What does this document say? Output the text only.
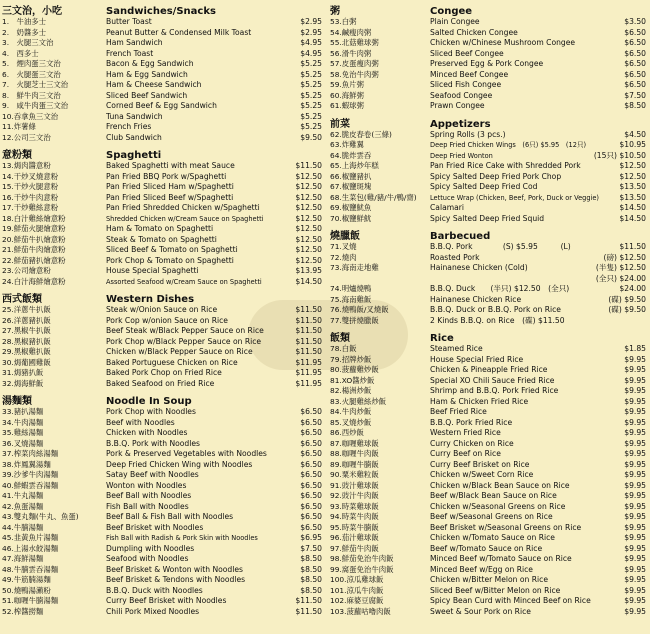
三文治，小吃	Sandwiches/Snacks
1.　牛油多士	Butter Toast	$2.95
2.　奶醬多士	Peanut Butter & Condensed Milk Toast	$2.95
3.　火腿三文治	Ham Sandwich	$4.95
4.　西多士	French Toast	$4.95
5.　煙肉蛋三文治	Bacon & Egg Sandwich	$5.25
6.　火腿蛋三文治	Ham & Egg Sandwich	$5.25
7.　火腿芝士三文治	Ham & Cheese Sandwich	$5.25
8.　鮮牛肉三文治	Sliced Beef Sandwich	$5.25
9.　咸牛肉蛋三文治	Corned Beef & Egg Sandwich	$5.25
10.吞拿魚三文治	Tuna Sandwich	$5.25
11.炸薯條	French Fries	$5.25
12.公司三文治	Club Sandwich	$9.50
意粉類	Spaghetti
13.焗肉醬意粉	Baked Spaghetti with meat Sauce	$11.50
14.干炒叉燒意粉	Pan Fried BBQ Pork w/Spaghetti	$12.50
15.干炒火腿意粉	Pan Fried Sliced Ham w/Spaghetti	$12.50
16.干炒牛肉意粉	Pan Fried Sliced Beef w/Spaghetti	$12.50
17.干炒雞絲意粉	Pan Fried Shredded Chicken w/Spaghetti	$12.50
18.白汁雞絲燴意粉	Shredded Chicken w/Cream Sauce on Spaghetti	$12.50
19.鮮茄火腿燴意粉	Ham & Tomato on Spaghetti	$12.50
20.鮮茄牛扒燴意粉	Steak & Tomato on Spaghetti	$12.50
21.鮮茄牛肉燴意粉	Sliced Beef & Tomato on Spaghetti	$12.50
22.鮮茄豬扒燴意粉	Pork Chop & Tomato on Spaghetti	$12.50
23.公司燴意粉	House Special Spaghetti	$13.95
24.白汁海鮮燴意粉	Assorted Seafood w/Cream Sauce on Spaghetti	$14.50
西式飯類	Western Dishes
25.洋蔥牛扒飯	Steak w/Onion Sauce on Rice	$11.50
26.洋蔥豬扒飯	Pork Cop w/onion Sauce on Rice	$11.50
27.黑椒牛扒飯	Beef Steak w/Black Pepper Sauce on Rice	$11.50
28.黑椒豬扒飯	Pork Chop w/Black Pepper Sauce on Rice	$11.50
29.黑椒雞扒飯	Chicken w/Black Pepper Sauce on Rice	$11.50
30.焗葡國雞飯	Baked Portuguese Chicken on Rice	$11.95
31.焗豬扒飯	Baked Pork Chop on Fried Rice	$11.95
32.焗海鮮飯	Baked Seafood on Fried Rice	$11.95
湯麵類	Noodle In Soup
33.豬扒湯麵	Pork Chop with Noodles	$6.50
34.牛肉湯麵	Beef with Noodles	$6.50
35.雞絲湯麵	Chicken with Noodles	$6.50
36.叉燒湯麵	B.B.Q. Pork with Noodles	$6.50
37.榨菜肉絲湯麵	Pork & Preserved Vegetables with Noodles	$6.50
38.炸鳳翼湯麵	Deep Fried Chicken Wing with Noodles	$6.50
39.沙爹牛肉湯麵	Satay Beef with Noodles	$6.50
40.鮮蝦雲吞湯麵	Wonton with Noodles	$6.50
41.牛丸湯麵	Beef Ball with Noodles	$6.50
42.魚蛋湯麵	Fish Ball with Noodles	$6.50
43.雙丸麵(牛丸、魚蛋)	Beef Ball & Fish Ball with Noodles	$6.50
44.牛腩湯麵	Beef Brisket with Noodles	$6.50
45.韭黃魚片湯麵	Fish Ball with Radish & Pork Skin with Noodles	$6.95
46.上湯水餃湯麵	Dumpling with Noodles	$7.50
47.海鮮湯麵	Seafood with Noodles	$8.50
48.牛腩雲吞湯麵	Beef Brisket & Wonton with Noodles	$8.50
49.牛筋腩湯麵	Beef Brisket & Tendons with Noodles	$8.50
50.燒鴨湯瀨粉	B.B.Q. Duck with Noodles	$8.50
51.咖喱牛腩湯麵	Curry Beef Brisket with Noodles	$11.50
52.榨醬撈麵	Chili Pork Mixed Noodles	$11.50
粥	Congee
53.白粥	Plain Congee	$3.50
54.鹹瘦肉粥	Salted Chicken Congee	$6.50
55.北菇雞球粥	Chicken w/Chinese Mushroom Congee	$6.50
56.滑牛肉粥	Sliced Beef Congee	$6.50
57.皮蛋瘦肉粥	Preserved Egg & Pork Congee	$6.50
58.免治牛肉粥	Minced Beef Congee	$6.50
59.魚片粥	Sliced Fish Congee	$6.50
60.海鮮粥	Seafood Congee	$7.50
61.蝦球粥	Prawn Congee	$8.50
前菜	Appetizers
62.脆皮春卷(三條)	Spring Rolls (3 pcs.)	$4.50
63.炸雞翼	Deep Fried Chicken Wings　(6只) $5.95　(12只)	$10.95
64.脆炸雲吞	Deep Fried Wonton	(15只) $10.50
65.上海炒年糕	Pan Fried Rice Cake with Shredded Pork	$12.50
66.椒鹽豬扒	Spicy Salted Deep Fried Pork Chop	$12.50
67.椒鹽斑塊	Spicy Salted Deep Fried Cod	$13.50
68.生菜包(雞/豬/牛/鴨/齋)	Lettuce Wrap (Chicken, Beef, Pork, Duck or Veggie)	$13.50
69.椒鹽魷魚	Calamari	$14.50
70.椒鹽鮮魷	Spicy Salted Deep Fried Squid	$14.50
燒臘飯	Barbecued
71.叉燒	B.B.Q. Pork　　　　(S) $5.95　　　(L)	$11.50
72.燒肉	Roasted Pork	(磅) $12.50
73.海南走地雞	Hainanese Chicken (Cold)	(半隻) $12.50
(全只) $24.00
74.明爐燒鴨	B.B.Q. Duck　　(半只) $12.50　(全只)	$24.00
75.海南雞飯	Hainanese Chicken Rice	(碟) $9.50
76.燒鴨飯/叉燒飯	B.B.Q. Duck or B.B.Q. Pork on Rice	(碟) $9.50
77.雙拼燒臘飯	2 Kinds B.B.Q. on Rice　(碟) $11.50
飯類	Rice
78.白飯	Steamed Rice	$1.85
79.招牌炒飯	House Special Fried Rice	$9.95
80.菠蘿雞炒飯	Chicken & Pineapple Fried Rice	$9.95
81.XO醬炒飯	Special XO Chili Sauce Fried Rice	$9.95
82.楊洲炒飯	Shrimp and B.B.Q. Pork Fried Rice	$9.95
83.火腿雞絲炒飯	Ham & Chicken Fried Rice	$9.95
84.牛肉炒飯	Beef Fried Rice	$9.95
85.叉燒炒飯	B.B.Q. Pork Fried Rice	$9.95
86.西炒飯	Western Fried Rice	$9.95
87.咖喱雞球飯	Curry Chicken on Rice	$9.95
88.咖喱牛肉飯	Curry Beef on Rice	$9.95
89.咖喱牛腩飯	Curry Beef Brisket on Rice	$9.95
90.粟米雞粒飯	Chicken w/Sweet Corn Rice	$9.95
91.豉汁雞球飯	Chicken w/Black Bean Sauce on Rice	$9.95
92.豉汁牛肉飯	Beef w/Black Bean Sauce on Rice	$9.95
93.時菜雞球飯	Chicken w/Seasonal Greens on Rice	$9.95
94.時菜牛肉飯	Beef w/Seasonal Greens on Rice	$9.95
95.時菜牛腩飯	Beef Brisket w/Seasonal Greens on Rice	$9.95
96.茄汁雞球飯	Chicken w/Tomato Sauce on Rice	$9.95
97.鮮茄牛肉飯	Beef w/Tomato Sauce on Rice	$9.95
98.鮮茄免治牛肉飯	Minced Beef w/Tomato Sauce on Rice	$9.95
99.窩蛋免治牛肉飯	Minced Beef w/Egg on Rice	$9.95
100.涼瓜雞球飯	Chicken w/Bitter Melon on Rice	$9.95
101.涼瓜牛肉飯	Sliced Beef w/Bitter Melon on Rice	$9.95
102.麻婆豆腐飯	Spicy Bean Curd with Minced Beef on Rice	$9.95
103.菠蘿咕嚕肉飯	Sweet & Sour Pork on Rice	$9.95
